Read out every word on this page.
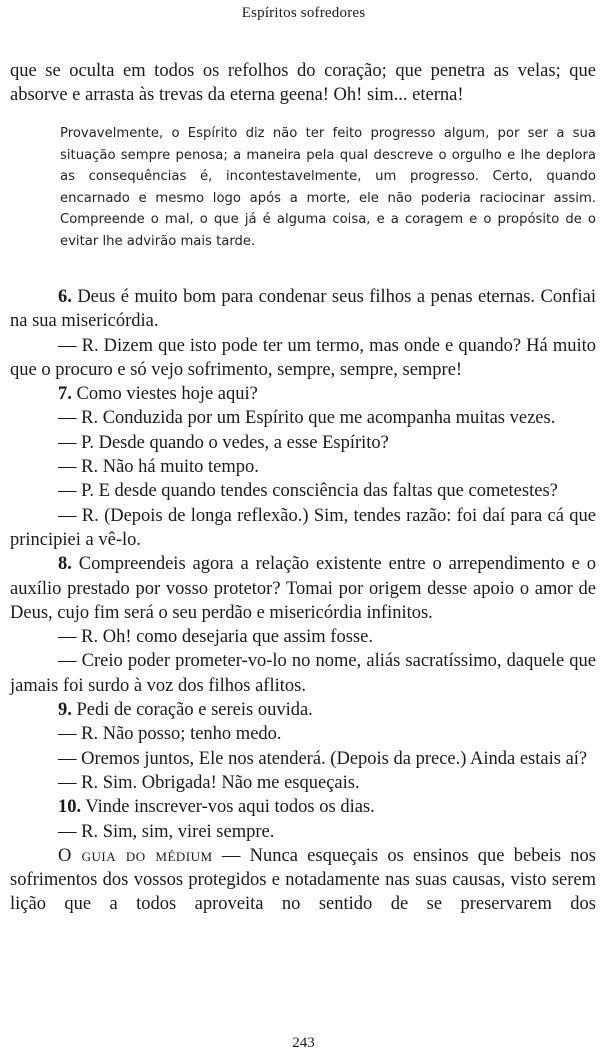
Espíritos sofredores

que se oculta em todos os refolhos do coração; que penetra as velas; que absorve e arrasta às trevas da eterna geena! Oh! sim... eterna!

Provavelmente, o Espírito diz não ter feito progresso algum, por ser a sua situação sempre penosa; a maneira pela qual descreve o orgulho e lhe deplora as consequências é, incontestavelmente, um progresso. Certo, quando encarnado e mesmo logo após a morte, ele não poderia raciocinar assim. Compreende o mal, o que já é alguma coisa, e a coragem e o propósito de o evitar lhe advirão mais tarde.

6. Deus é muito bom para condenar seus filhos a penas eternas. Confiai na sua misericórdia.

— R. Dizem que isto pode ter um termo, mas onde e quando? Há muito que o procuro e só vejo sofrimento, sempre, sempre, sempre!

7. Como viestes hoje aqui?

— R. Conduzida por um Espírito que me acompanha muitas vezes.

— P. Desde quando o vedes, a esse Espírito?

— R. Não há muito tempo.

— P. E desde quando tendes consciência das faltas que cometestes?

— R. (Depois de longa reflexão.) Sim, tendes razão: foi daí para cá que principiei a vê-lo.

8. Compreendeis agora a relação existente entre o arrependimento e o auxílio prestado por vosso protetor? Tomai por origem desse apoio o amor de Deus, cujo fim será o seu perdão e misericórdia infinitos.

— R. Oh! como desejaria que assim fosse.

— Creio poder prometer-vo-lo no nome, aliás sacratíssimo, daquele que jamais foi surdo à voz dos filhos aflitos.

9. Pedi de coração e sereis ouvida.

— R. Não posso; tenho medo.

— Oremos juntos, Ele nos atenderá. (Depois da prece.) Ainda estais aí?

— R. Sim. Obrigada! Não me esqueçais.

10. Vinde inscrever-vos aqui todos os dias.

— R. Sim, sim, virei sempre.

O guia do médium — Nunca esqueçais os ensinos que bebeis nos sofrimentos dos vossos protegidos e notadamente nas suas causas, visto serem lição que a todos aproveita no sentido de se preservarem dos

243
